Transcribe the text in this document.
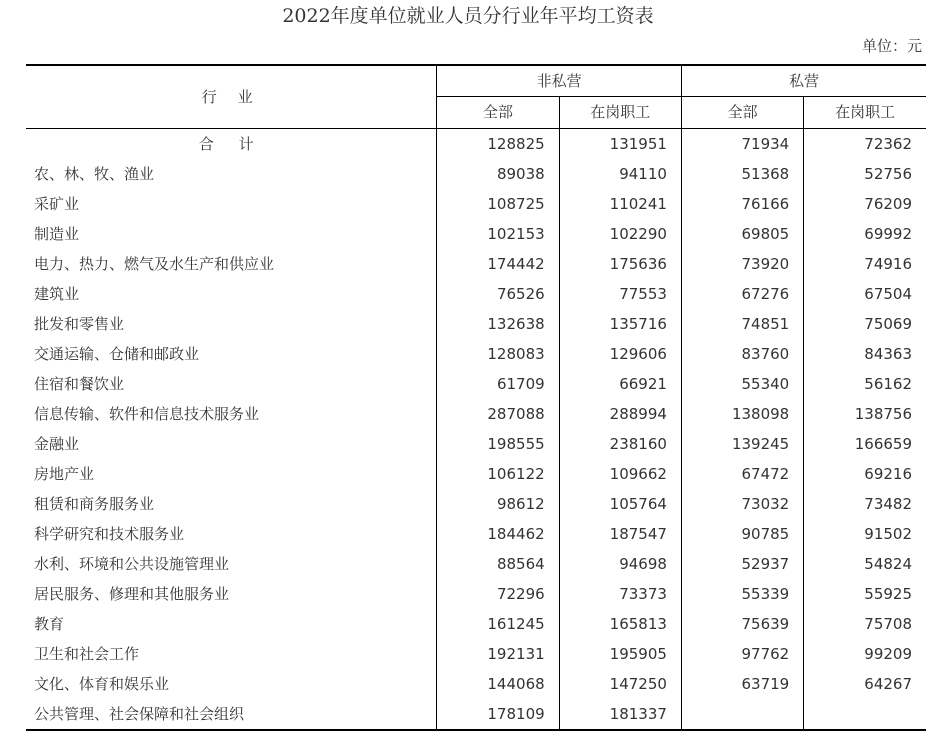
2022年度单位就业人员分行业年平均工资表
单位：元
行 业	非私营		私营	
	全部	在岗职工	全部	在岗职工
合 计	128825	131951	71934	72362
农、林、牧、渔业	89038	94110	51368	52756
采矿业	108725	110241	76166	76209
制造业	102153	102290	69805	69992
电力、热力、燃气及水生产和供应业	174442	175636	73920	74916
建筑业	76526	77553	67276	67504
批发和零售业	132638	135716	74851	75069
交通运输、仓储和邮政业	128083	129606	83760	84363
住宿和餐饮业	61709	66921	55340	56162
信息传输、软件和信息技术服务业	287088	288994	138098	138756
金融业	198555	238160	139245	166659
房地产业	106122	109662	67472	69216
租赁和商务服务业	98612	105764	73032	73482
科学研究和技术服务业	184462	187547	90785	91502
水利、环境和公共设施管理业	88564	94698	52937	54824
居民服务、修理和其他服务业	72296	73373	55339	55925
教育	161245	165813	75639	75708
卫生和社会工作	192131	195905	97762	99209
文化、体育和娱乐业	144068	147250	63719	64267
公共管理、社会保障和社会组织	178109	181337		
